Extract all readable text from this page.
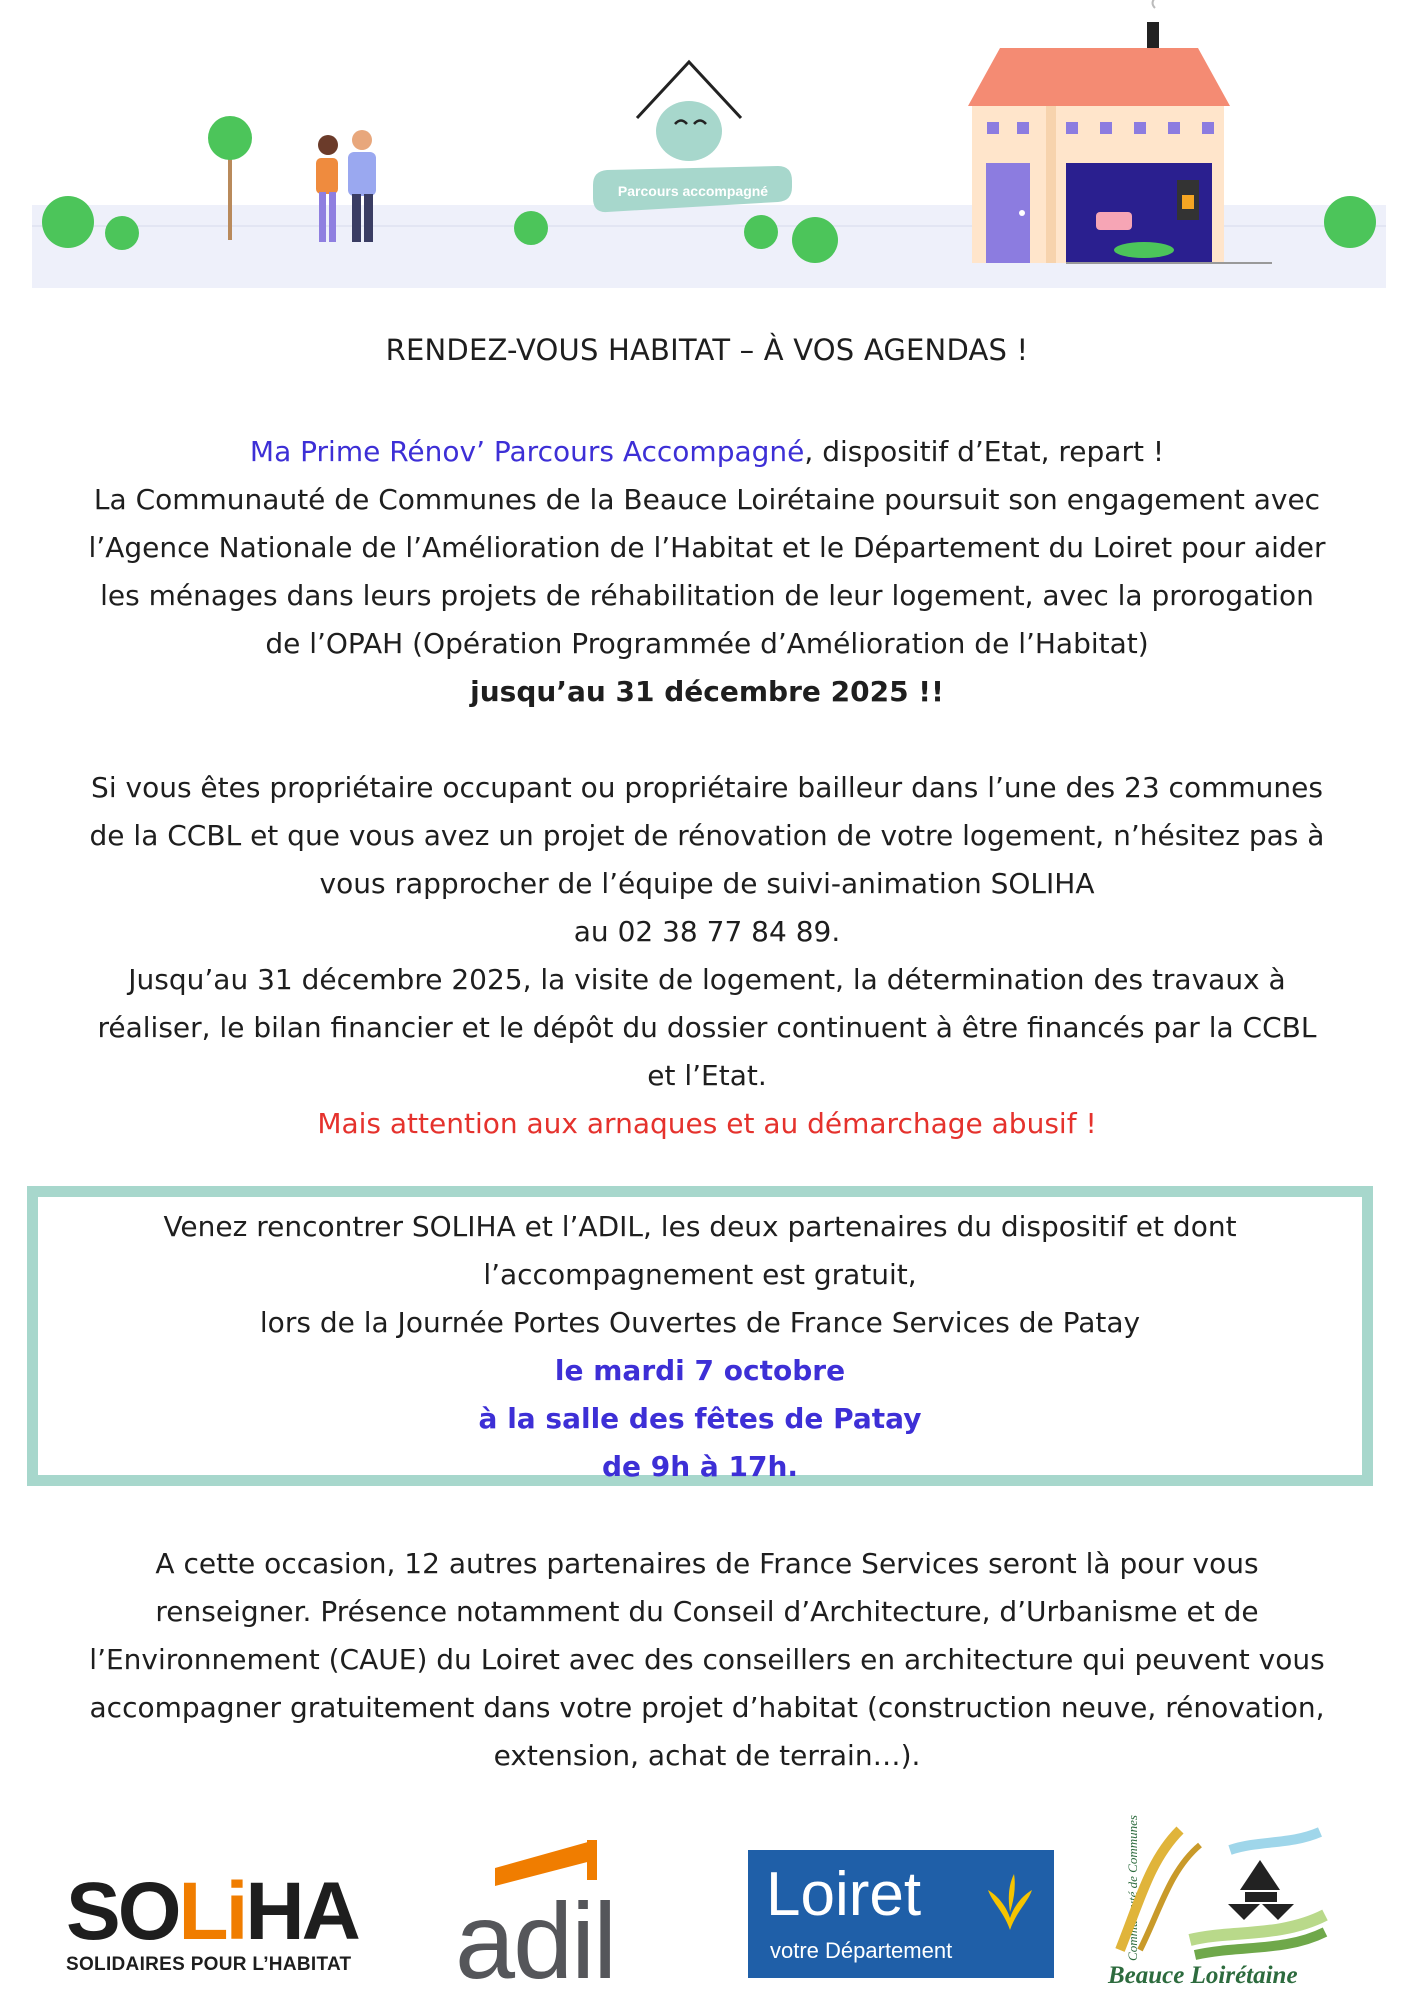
Parcours accompagné

RENDEZ-VOUS HABITAT – À VOS AGENDAS !

Ma Prime Rénov’ Parcours Accompagné, dispositif d’Etat, repart !

La Communauté de Communes de la Beauce Loirétaine poursuit son engagement avec

l’Agence Nationale de l’Amélioration de l’Habitat et le Département du Loiret pour aider

les ménages dans leurs projets de réhabilitation de leur logement, avec la prorogation

de l’OPAH (Opération Programmée d’Amélioration de l’Habitat)

jusqu’au 31 décembre 2025 !!

Si vous êtes propriétaire occupant ou propriétaire bailleur dans l’une des 23 communes

de la CCBL et que vous avez un projet de rénovation de votre logement, n’hésitez pas à

vous rapprocher de l’équipe de suivi-animation SOLIHA

au 02 38 77 84 89.

Jusqu’au 31 décembre 2025, la visite de logement, la détermination des travaux à

réaliser, le bilan financier et le dépôt du dossier continuent à être financés par la CCBL

et l’Etat.

Mais attention aux arnaques et au démarchage abusif !

Venez rencontrer SOLIHA et l’ADIL, les deux partenaires du dispositif et dont

l’accompagnement est gratuit,

lors de la Journée Portes Ouvertes de France Services de Patay

le mardi 7 octobre

à la salle des fêtes de Patay

de 9h à 17h.

A cette occasion, 12 autres partenaires de France Services seront là pour vous

renseigner. Présence notamment du Conseil d’Architecture, d’Urbanisme et de

l’Environnement (CAUE) du Loiret avec des conseillers en architecture qui peuvent vous

accompagner gratuitement dans votre projet d’habitat (construction neuve, rénovation,

extension, achat de terrain…).

SOLiHA
SOLIDAIRES POUR L’HABITAT adil Loiret
votre Département	Communauté de Communes
Beauce Loirétaine
